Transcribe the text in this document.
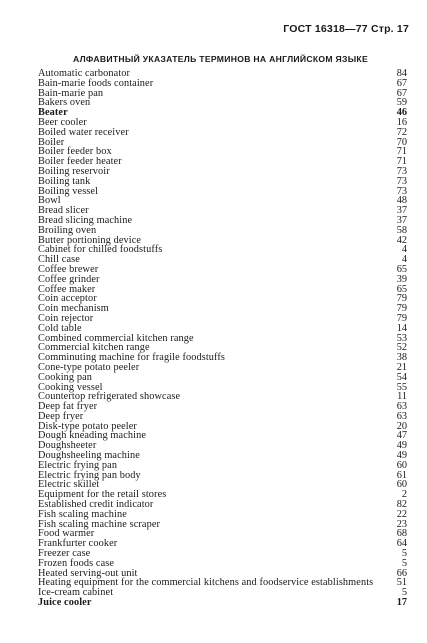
ГОСТ 16318—77 Стр. 17
АЛФАВИТНЫЙ УКАЗАТЕЛЬ ТЕРМИНОВ НА АНГЛИЙСКОМ ЯЗЫКЕ
Automatic carbonator	84
Bain-marie foods container	67
Bain-marie pan	67
Bakers oven	59
Beater	46
Beer cooler	16
Boiled water receiver	72
Boiler	70
Boiler feeder box	71
Boiler feeder heater	71
Boiling reservoir	73
Boiling tank	73
Boiling vessel	73
Bowl	48
Bread slicer	37
Bread slicing machine	37
Broiling oven	58
Butter portioning device	42
Cabinet for chilled foodstuffs	4
Chill case	4
Coffee brewer	65
Coffee grinder	39
Coffee maker	65
Coin acceptor	79
Coin mechanism	79
Coin rejector	79
Cold table	14
Combined commercial kitchen range	53
Commercial kitchen range	52
Comminuting machine for fragile foodstuffs	38
Cone-type potato peeler	21
Cooking pan	54
Cooking vessel	55
Countertop refrigerated showcase	11
Deep fat fryer	63
Deep fryer	63
Disk-type potato peeler	20
Dough kneading machine	47
Doughsheeter	49
Doughsheeling machine	49
Electric frying pan	60
Electric frying pan body	61
Electric skillet	60
Equipment for the retail stores	2
Established credit indicator	82
Fish scaling machine	22
Fish scaling machine scraper	23
Food warmer	68
Frankfurter cooker	64
Freezer case	5
Frozen foods case	5
Heated serving-out unit	66
Heating equipment for the commercial kitchens and foodservice establishments	51
Ice-cream cabinet	5
Juice cooler	17
